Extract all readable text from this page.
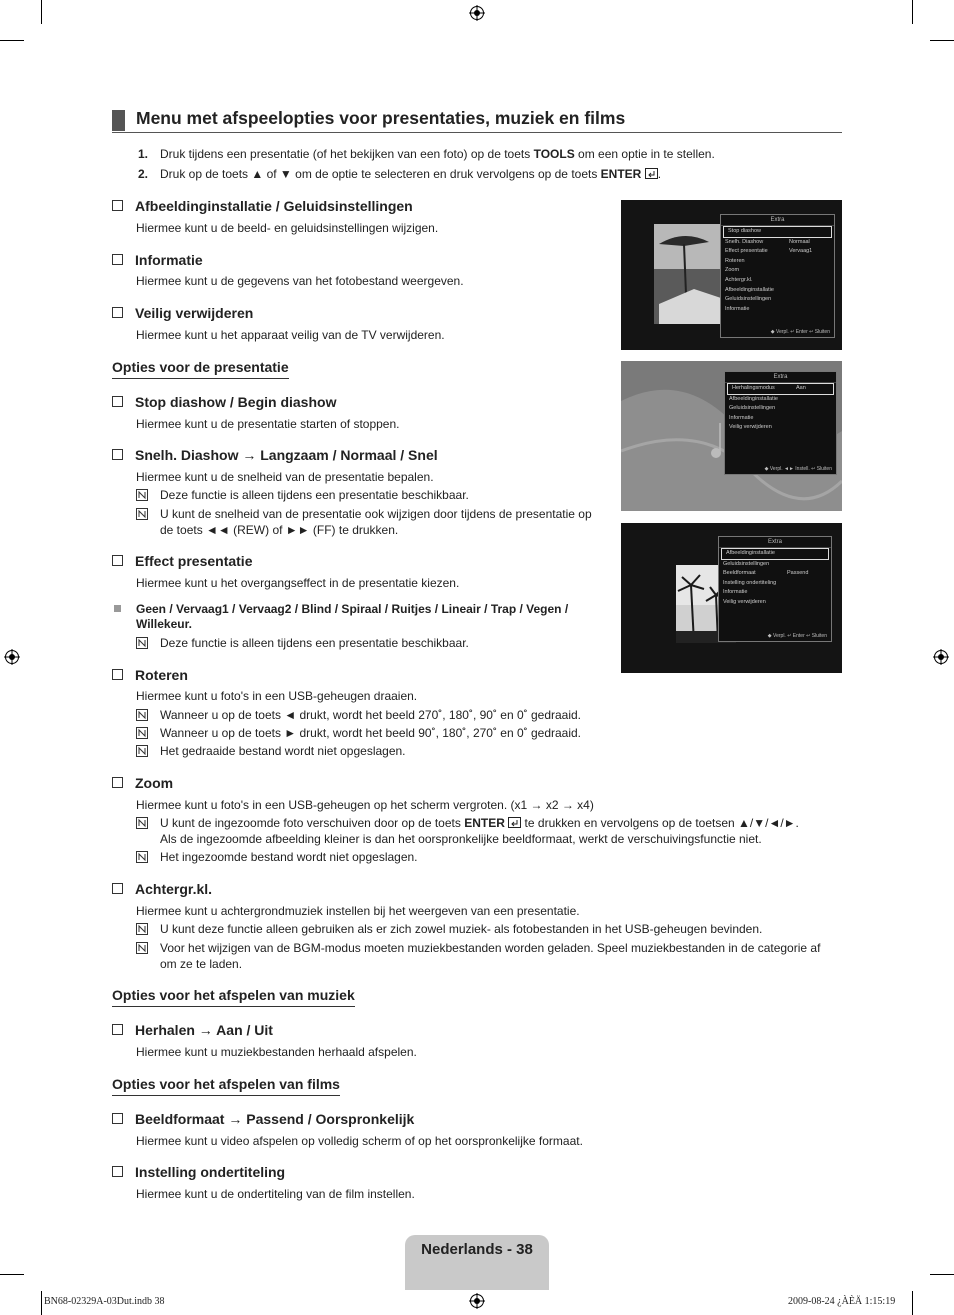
Menu met afspeelopties voor presentaties, muziek en films
1. Druk tijdens een presentatie (of het bekijken van een foto) op de toets TOOLS om een optie in te stellen.
2. Druk op de toets ▲ of ▼ om de optie te selecteren en druk vervolgens op de toets ENTER .
Afbeeldinginstallatie / Geluidsinstellingen
Hiermee kunt u de beeld- en geluidsinstellingen wijzigen.
Informatie
Hiermee kunt u de gegevens van het fotobestand weergeven.
Veilig verwijderen
Hiermee kunt u het apparaat veilig van de TV verwijderen.
Opties voor de presentatie
Stop diashow / Begin diashow
Hiermee kunt u de presentatie starten of stoppen.
Snelh. Diashow → Langzaam / Normaal / Snel
Hiermee kunt u de snelheid van de presentatie bepalen.
Deze functie is alleen tijdens een presentatie beschikbaar.
U kunt de snelheid van de presentatie ook wijzigen door tijdens de presentatie op
de toets ◄◄ (REW) of ►► (FF) te drukken.
Effect presentatie
Hiermee kunt u het overgangseffect in de presentatie kiezen.
Geen / Vervaag1 / Vervaag2 / Blind / Spiraal / Ruitjes / Lineair / Trap / Vegen /
Willekeur.
Deze functie is alleen tijdens een presentatie beschikbaar.
Roteren
Hiermee kunt u foto's in een USB-geheugen draaien.
Wanneer u op de toets ◄ drukt, wordt het beeld 270˚, 180˚, 90˚ en 0˚ gedraaid.
Wanneer u op de toets ► drukt, wordt het beeld 90˚, 180˚, 270˚ en 0˚ gedraaid.
Het gedraaide bestand wordt niet opgeslagen.
Zoom
Hiermee kunt u foto's in een USB-geheugen op het scherm vergroten. (x1 → x2 → x4)
U kunt de ingezoomde foto verschuiven door op de toets ENTER  te drukken en vervolgens op de toetsen ▲/▼/◄/►.
Als de ingezoomde afbeelding kleiner is dan het oorspronkelijke beeldformaat, werkt de verschuivingsfunctie niet.
Het ingezoomde bestand wordt niet opgeslagen.
Achtergr.kl.
Hiermee kunt u achtergrondmuziek instellen bij het weergeven van een presentatie.
U kunt deze functie alleen gebruiken als er zich zowel muziek- als fotobestanden in het USB-geheugen bevinden.
Voor het wijzigen van de BGM-modus moeten muziekbestanden worden geladen. Speel muziekbestanden in de categorie af
om ze te laden.
Opties voor het afspelen van muziek
Herhalen → Aan / Uit
Hiermee kunt u muziekbestanden herhaald afspelen.
Opties voor het afspelen van films
Beeldformaat → Passend / Oorspronkelijk
Hiermee kunt u video afspelen op volledig scherm of op het oorspronkelijke formaat.
Instelling ondertiteling
Hiermee kunt u de ondertiteling van de film instellen.
Extra
Stop diashow
Snelh. Diashow	Normaal
Effect presentatie	Vervaag1
Roteren
Zoom
Achtergr.kl.
Afbeeldinginstallatie
Geluidsinstellingen
Informatie
◆ Verpl. ↵ Enter ↩ Sluiten
Extra
Herhalingsmodus	Aan
Afbeeldinginstallatie
Geluidsinstellingen
Informatie
Veilig verwijderen
◆ Verpl. ◄► Instell. ↩ Sluiten
Extra
Afbeeldinginstallatie
Geluidsinstellingen
Beeldformaat	Passend
Instelling ondertiteling
Informatie
Veilig verwijderen
◆ Verpl. ↵ Enter ↩ Sluiten
Nederlands - 38
BN68-02329A-03Dut.indb 38	2009-08-24 ¿ÀÈÄ 1:15:19
